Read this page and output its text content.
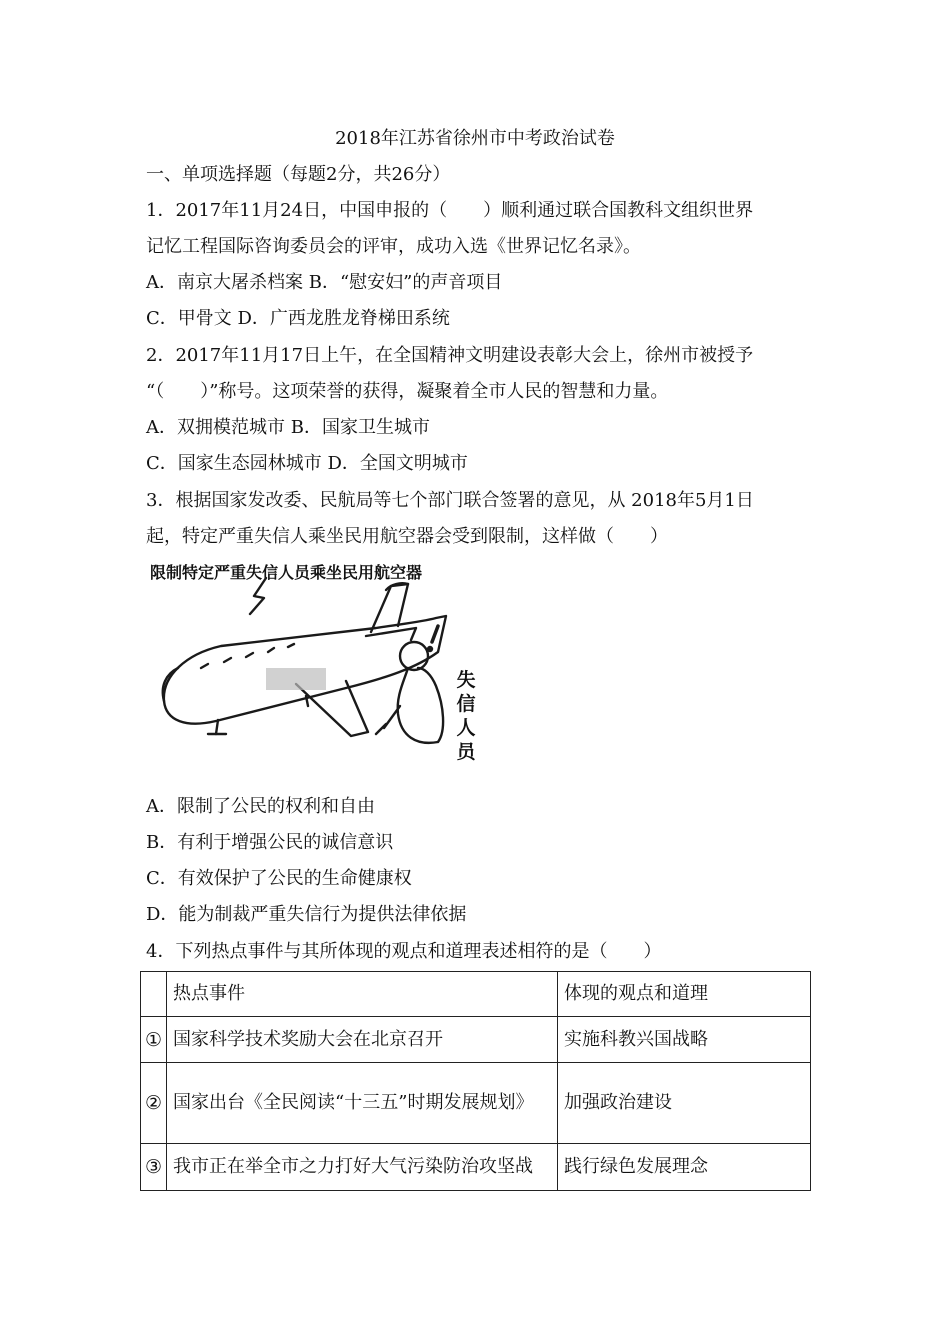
2018年江苏省徐州市中考政治试卷
一、单项选择题（每题2分，共26分）
1．2017年11月24日，中国申报的（　　）顺利通过联合国教科文组织世界
记忆工程国际咨询委员会的评审，成功入选《世界记忆名录》。
A．南京大屠杀档案 B．“慰安妇”的声音项目
C．甲骨文 D．广西龙胜龙脊梯田系统
2．2017年11月17日上午，在全国精神文明建设表彰大会上，徐州市被授予
“（　　）”称号。这项荣誉的获得，凝聚着全市人民的智慧和力量。
A．双拥模范城市 B．国家卫生城市
C．国家生态园林城市 D．全国文明城市
3．根据国家发改委、民航局等七个部门联合签署的意见，从 2018年5月1日
起，特定严重失信人乘坐民用航空器会受到限制，这样做（　　）
限制特定严重失信人员乘坐民用航空器
失信人员
A．限制了公民的权利和自由
B．有利于增强公民的诚信意识
C．有效保护了公民的生命健康权
D．能为制裁严重失信行为提供法律依据
4．下列热点事件与其所体现的观点和道理表述相符的是（　　）
	热点事件	体现的观点和道理
①	国家科学技术奖励大会在北京召开	实施科教兴国战略
②	国家出台《全民阅读“十三五”时期发展规划》	加强政治建设
③	我市正在举全市之力打好大气污染防治攻坚战	践行绿色发展理念
